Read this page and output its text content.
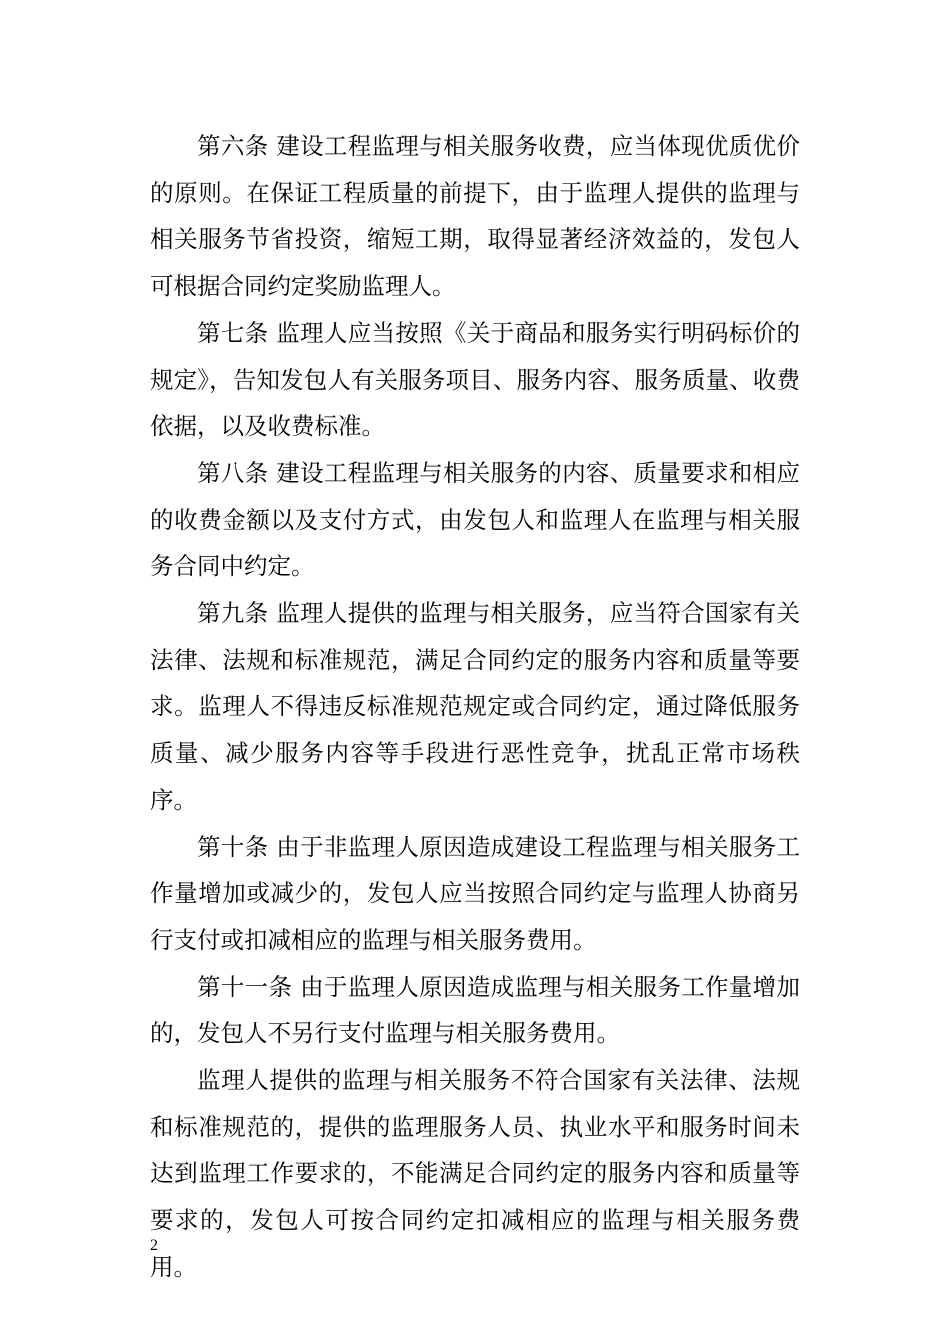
第六条 建设工程监理与相关服务收费，应当体现优质优价的原则。在保证工程质量的前提下，由于监理人提供的监理与相关服务节省投资，缩短工期，取得显著经济效益的，发包人可根据合同约定奖励监理人。

第七条 监理人应当按照《关于商品和服务实行明码标价的规定》，告知发包人有关服务项目、服务内容、服务质量、收费依据，以及收费标准。

第八条 建设工程监理与相关服务的内容、质量要求和相应的收费金额以及支付方式，由发包人和监理人在监理与相关服务合同中约定。

第九条 监理人提供的监理与相关服务，应当符合国家有关法律、法规和标准规范，满足合同约定的服务内容和质量等要求。监理人不得违反标准规范规定或合同约定，通过降低服务质量、减少服务内容等手段进行恶性竞争，扰乱正常市场秩序。

第十条 由于非监理人原因造成建设工程监理与相关服务工作量增加或减少的，发包人应当按照合同约定与监理人协商另行支付或扣减相应的监理与相关服务费用。

第十一条 由于监理人原因造成监理与相关服务工作量增加的，发包人不另行支付监理与相关服务费用。

监理人提供的监理与相关服务不符合国家有关法律、法规和标准规范的，提供的监理服务人员、执业水平和服务时间未达到监理工作要求的，不能满足合同约定的服务内容和质量等要求的，发包人可按合同约定扣减相应的监理与相关服务费用。

2
